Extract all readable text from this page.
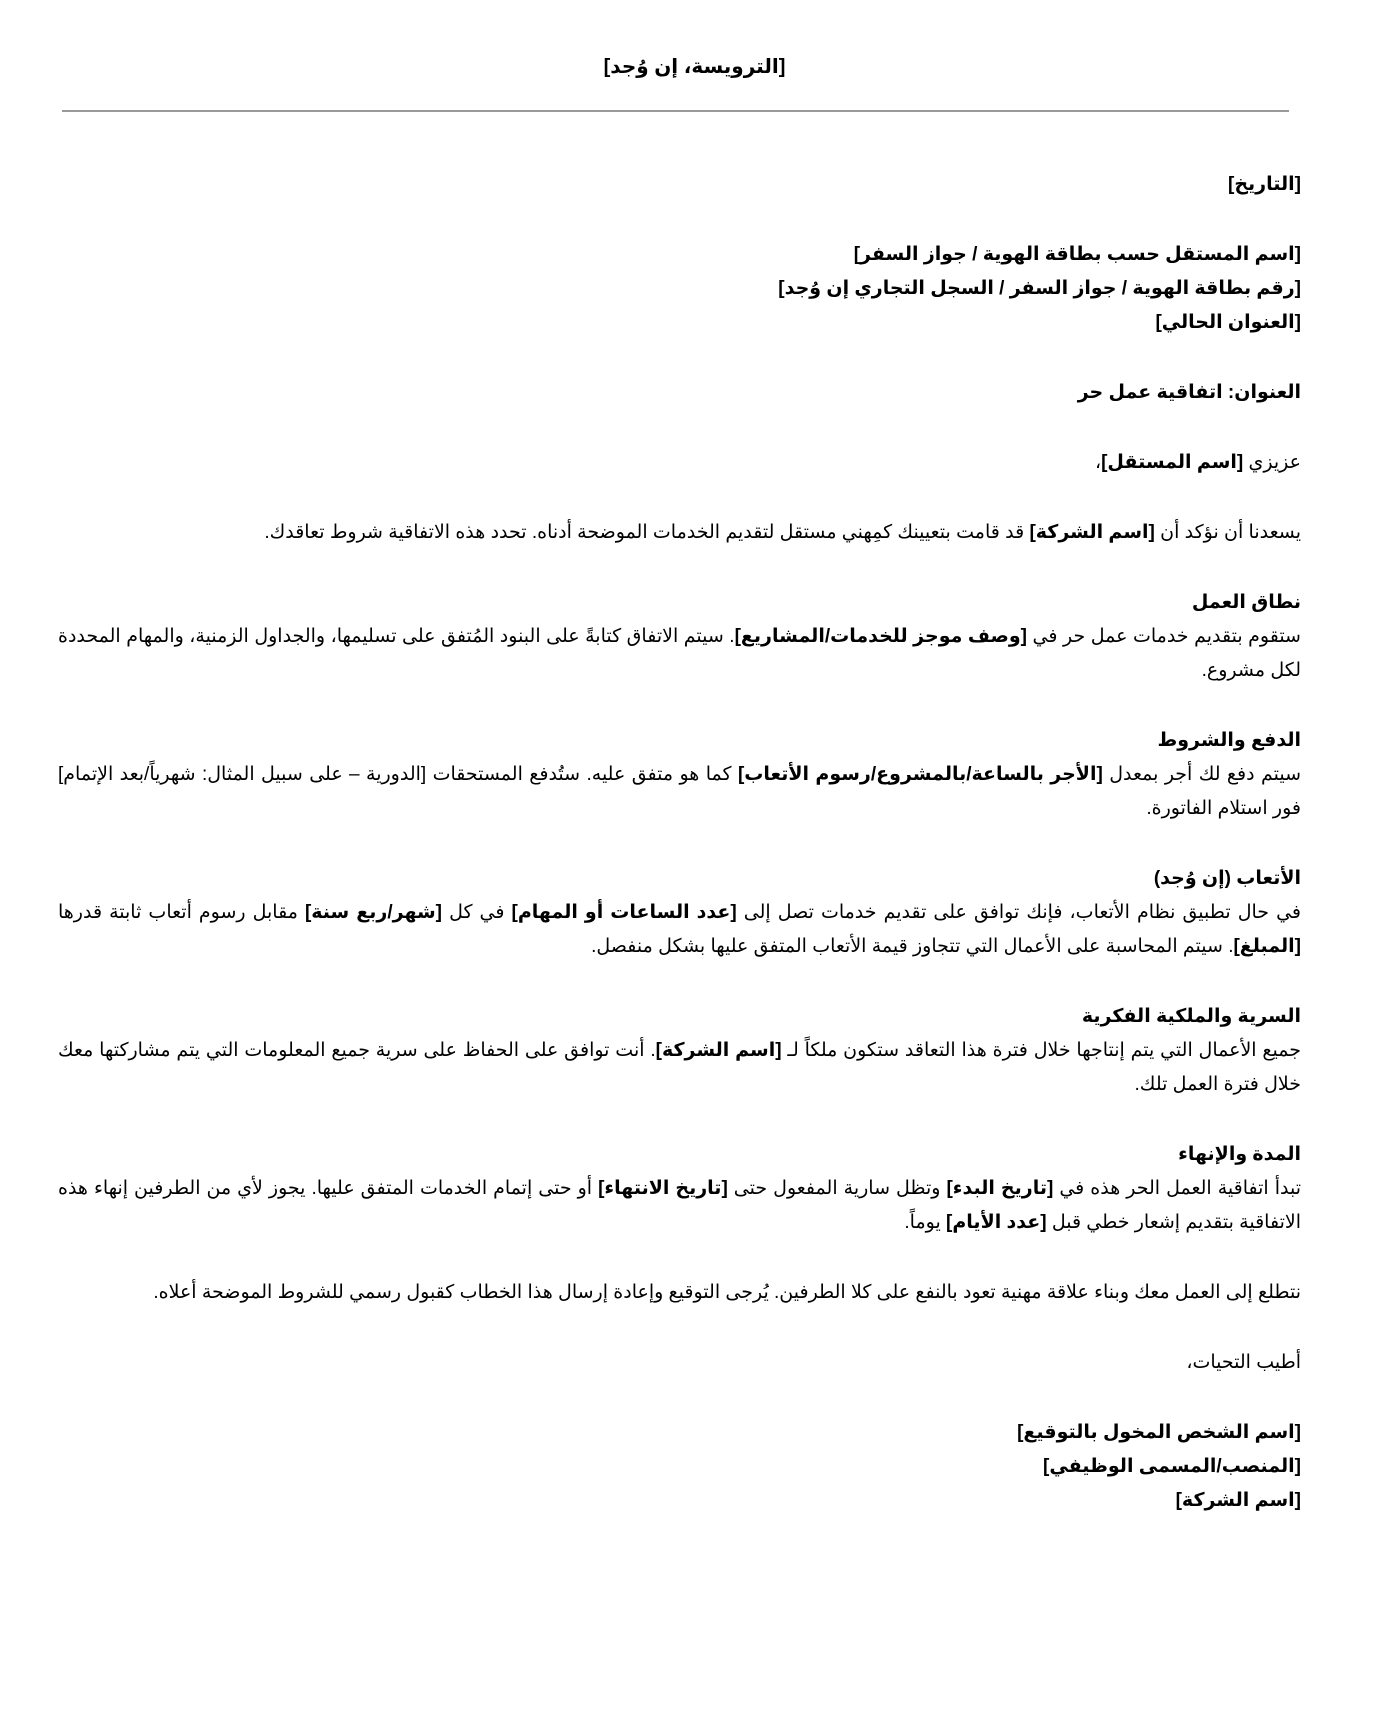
[الترويسة، إن وُجد]

[التاريخ]

[اسم المستقل حسب بطاقة الهوية / جواز السفر]

[رقم بطاقة الهوية / جواز السفر / السجل التجاري إن وُجد]

[العنوان الحالي]

العنوان: اتفاقية عمل حر

عزيزي [اسم المستقل]،

يسعدنا أن نؤكد أن [اسم الشركة] قد قامت بتعيينك كمِهني مستقل لتقديم الخدمات الموضحة أدناه. تحدد هذه الاتفاقية شروط تعاقدك.

نطاق العمل

ستقوم بتقديم خدمات عمل حر في [وصف موجز للخدمات/المشاريع]. سيتم الاتفاق كتابةً على البنود المُتفق على تسليمها، والجداول الزمنية، والمهام المحددة لكل مشروع.

الدفع والشروط

سيتم دفع لك أجر بمعدل [الأجر بالساعة/بالمشروع/رسوم الأتعاب] كما هو متفق عليه. ستُدفع المستحقات [الدورية – على سبيل المثال: شهرياً/بعد الإتمام] فور استلام الفاتورة.

الأتعاب (إن وُجد)

في حال تطبيق نظام الأتعاب، فإنك توافق على تقديم خدمات تصل إلى [عدد الساعات أو المهام] في كل [شهر/ربع سنة] مقابل رسوم أتعاب ثابتة قدرها [المبلغ]. سيتم المحاسبة على الأعمال التي تتجاوز قيمة الأتعاب المتفق عليها بشكل منفصل.

السرية والملكية الفكرية

جميع الأعمال التي يتم إنتاجها خلال فترة هذا التعاقد ستكون ملكاً لـ [اسم الشركة]. أنت توافق على الحفاظ على سرية جميع المعلومات التي يتم مشاركتها معك خلال فترة العمل تلك.

المدة والإنهاء

تبدأ اتفاقية العمل الحر هذه في [تاريخ البدء] وتظل سارية المفعول حتى [تاريخ الانتهاء] أو حتى إتمام الخدمات المتفق عليها. يجوز لأي من الطرفين إنهاء هذه الاتفاقية بتقديم إشعار خطي قبل [عدد الأيام] يوماً.

نتطلع إلى العمل معك وبناء علاقة مهنية تعود بالنفع على كلا الطرفين. يُرجى التوقيع وإعادة إرسال هذا الخطاب كقبول رسمي للشروط الموضحة أعلاه.

أطيب التحيات،

[اسم الشخص المخول بالتوقيع]

[المنصب/المسمى الوظيفي]

[اسم الشركة]
